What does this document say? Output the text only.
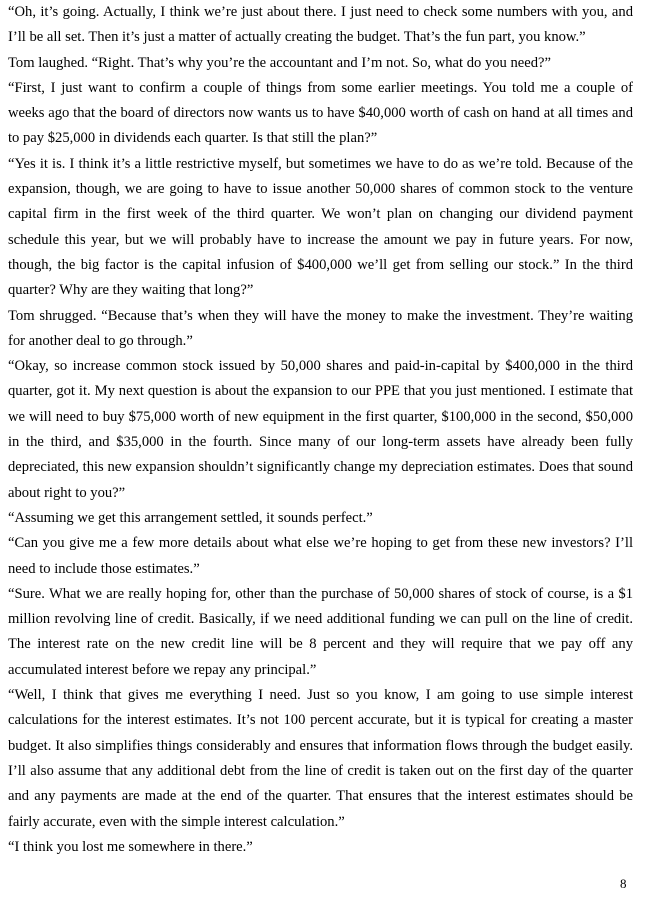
“Oh, it’s going. Actually, I think we’re just about there. I just need to check some numbers with you, and I’ll be all set. Then it’s just a matter of actually creating the budget. That’s the fun part, you know.”

Tom laughed. “Right. That’s why you’re the accountant and I’m not. So, what do you need?”

“First, I just want to confirm a couple of things from some earlier meetings. You told me a couple of weeks ago that the board of directors now wants us to have $40,000 worth of cash on hand at all times and to pay $25,000 in dividends each quarter. Is that still the plan?”

“Yes it is. I think it’s a little restrictive myself, but sometimes we have to do as we’re told. Because of the expansion, though, we are going to have to issue another 50,000 shares of common stock to the venture capital firm in the first week of the third quarter. We won’t plan on changing our dividend payment schedule this year, but we will probably have to increase the amount we pay in future years. For now, though, the big factor is the capital infusion of $400,000 we’ll get from selling our stock.” In the third quarter? Why are they waiting that long?”

Tom shrugged. “Because that’s when they will have the money to make the investment. They’re waiting for another deal to go through.”

“Okay, so increase common stock issued by 50,000 shares and paid-in-capital by $400,000 in the third quarter, got it. My next question is about the expansion to our PPE that you just mentioned. I estimate that we will need to buy $75,000 worth of new equipment in the first quarter, $100,000 in the second, $50,000 in the third, and $35,000 in the fourth. Since many of our long-term assets have already been fully depreciated, this new expansion shouldn’t significantly change my depreciation estimates. Does that sound about right to you?”

“Assuming we get this arrangement settled, it sounds perfect.”

“Can you give me a few more details about what else we’re hoping to get from these new investors? I’ll need to include those estimates.”

“Sure. What we are really hoping for, other than the purchase of 50,000 shares of stock of course, is a $1 million revolving line of credit. Basically, if we need additional funding we can pull on the line of credit. The interest rate on the new credit line will be 8 percent and they will require that we pay off any accumulated interest before we repay any principal.”

“Well, I think that gives me everything I need. Just so you know, I am going to use simple interest calculations for the interest estimates. It’s not 100 percent accurate, but it is typical for creating a master budget. It also simplifies things considerably and ensures that information flows through the budget easily. I’ll also assume that any additional debt from the line of credit is taken out on the first day of the quarter and any payments are made at the end of the quarter. That ensures that the interest estimates should be fairly accurate, even with the simple interest calculation.”

“I think you lost me somewhere in there.”

8
